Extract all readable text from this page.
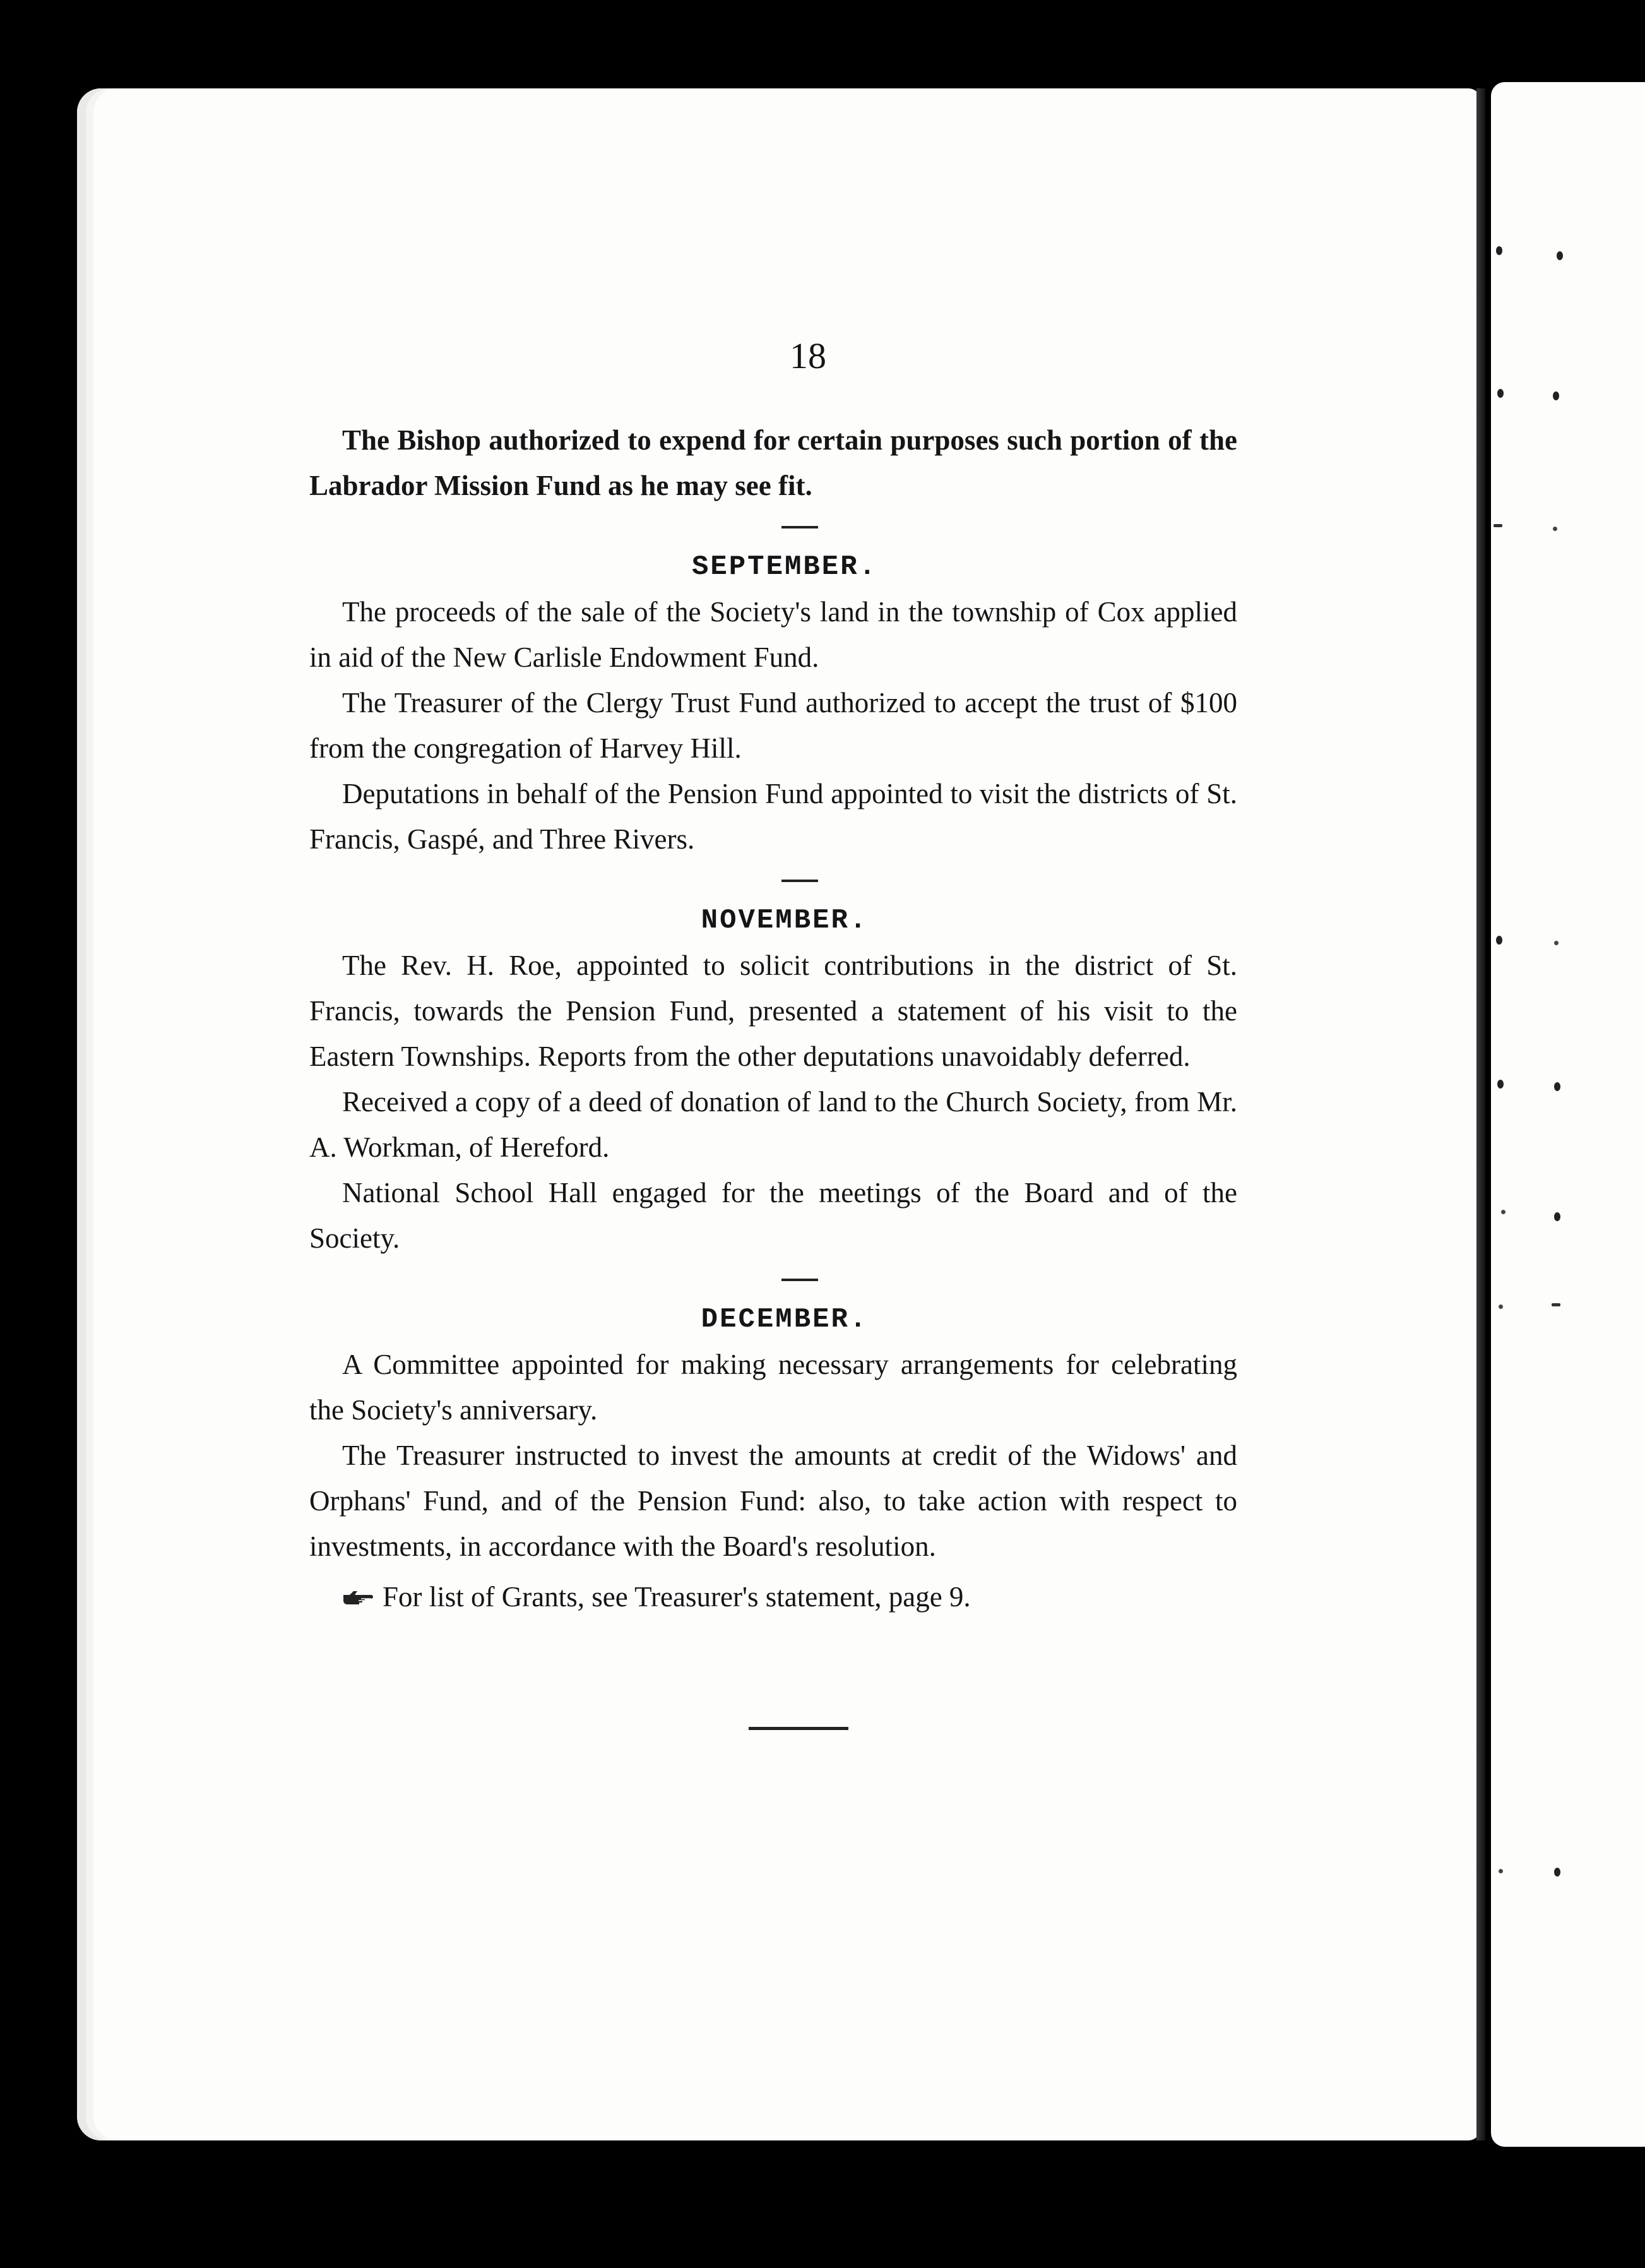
18

The Bishop authorized to expend for certain purposes such portion of the Labrador Mission Fund as he may see fit.

SEPTEMBER.

The proceeds of the sale of the Society's land in the township of Cox applied in aid of the New Carlisle Endowment Fund.

The Treasurer of the Clergy Trust Fund authorized to accept the trust of $100 from the congregation of Harvey Hill.

Deputations in behalf of the Pension Fund appointed to visit the districts of St. Francis, Gaspé, and Three Rivers.

NOVEMBER.

The Rev. H. Roe, appointed to solicit contributions in the district of St. Francis, towards the Pension Fund, presented a statement of his visit to the Eastern Townships. Reports from the other deputations unavoidably deferred.

Received a copy of a deed of donation of land to the Church Society, from Mr. A. Workman, of Hereford.

National School Hall engaged for the meetings of the Board and of the Society.

DECEMBER.

A Committee appointed for making necessary arrangements for celebrating the Society's anniversary.

The Treasurer instructed to invest the amounts at credit of the Widows' and Orphans' Fund, and of the Pension Fund: also, to take action with respect to investments, in accordance with the Board's resolution.

For list of Grants, see Treasurer's statement, page 9.
